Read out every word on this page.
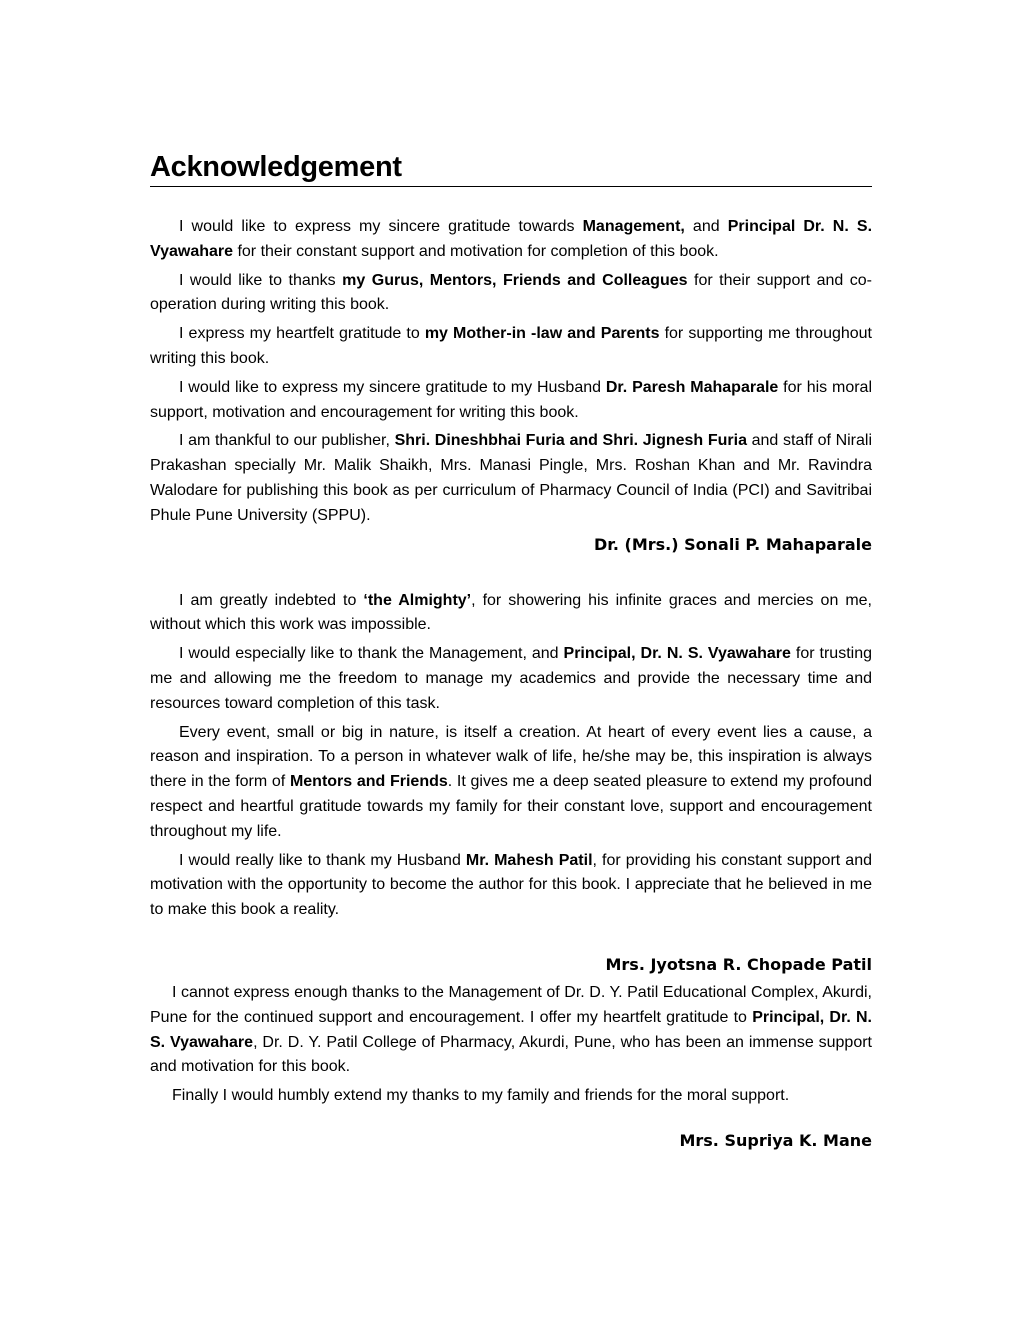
Acknowledgement

I would like to express my sincere gratitude towards Management, and Principal Dr. N. S. Vyawahare for their constant support and motivation for completion of this book.

I would like to thanks my Gurus, Mentors, Friends and Colleagues for their support and co-operation during writing this book.

I express my heartfelt gratitude to my Mother-in -law and Parents for supporting me throughout writing this book.

I would like to express my sincere gratitude to my Husband Dr. Paresh Mahaparale for his moral support, motivation and encouragement for writing this book.

I am thankful to our publisher, Shri. Dineshbhai Furia and Shri. Jignesh Furia and staff of Nirali Prakashan specially Mr. Malik Shaikh, Mrs. Manasi Pingle, Mrs. Roshan Khan and Mr. Ravindra Walodare for publishing this book as per curriculum of Pharmacy Council of India (PCI) and Savitribai Phule Pune University (SPPU).

Dr. (Mrs.) Sonali P. Mahaparale

I am greatly indebted to ‘the Almighty’, for showering his infinite graces and mercies on me, without which this work was impossible.

I would especially like to thank the Management, and Principal, Dr. N. S. Vyawahare for trusting me and allowing me the freedom to manage my academics and provide the necessary time and resources toward completion of this task.

Every event, small or big in nature, is itself a creation. At heart of every event lies a cause, a reason and inspiration. To a person in whatever walk of life, he/she may be, this inspiration is always there in the form of Mentors and Friends. It gives me a deep seated pleasure to extend my profound respect and heartful gratitude towards my family for their constant love, support and encouragement throughout my life.

I would really like to thank my Husband Mr. Mahesh Patil, for providing his constant support and motivation with the opportunity to become the author for this book. I appreciate that he believed in me to make this book a reality.

Mrs. Jyotsna R. Chopade Patil

I cannot express enough thanks to the Management of Dr. D. Y. Patil Educational Complex, Akurdi, Pune for the continued support and encouragement. I offer my heartfelt gratitude to Principal, Dr. N. S. Vyawahare, Dr. D. Y. Patil College of Pharmacy, Akurdi, Pune, who has been an immense support and motivation for this book.

Finally I would humbly extend my thanks to my family and friends for the moral support.

Mrs. Supriya K. Mane
